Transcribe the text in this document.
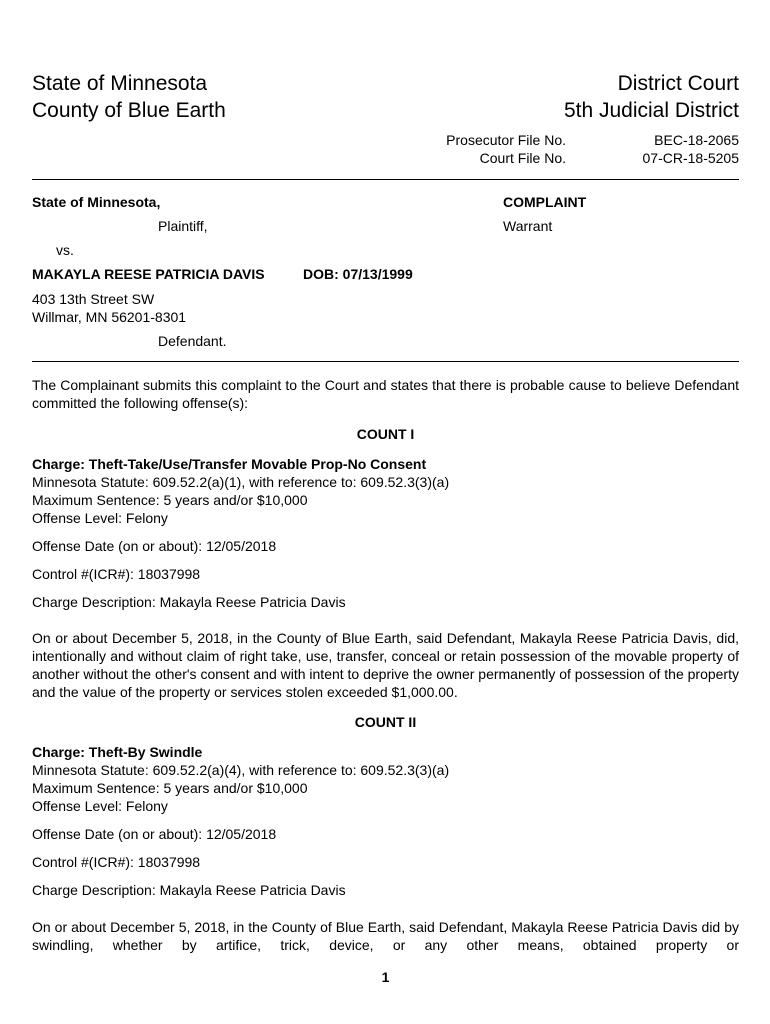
State of Minnesota
County of Blue Earth
District Court
5th Judicial District
Prosecutor File No.	BEC-18-2065
Court File No.	07-CR-18-5205
State of Minnesota,
Plaintiff,
vs.
MAKAYLA REESE PATRICIA DAVIS	DOB: 07/13/1999
403 13th Street SW
Willmar, MN 56201-8301
Defendant.
COMPLAINT
Warrant
The Complainant submits this complaint to the Court and states that there is probable cause to believe Defendant committed the following offense(s):
COUNT I
Charge: Theft-Take/Use/Transfer Movable Prop-No Consent
Minnesota Statute: 609.52.2(a)(1), with reference to: 609.52.3(3)(a)
Maximum Sentence: 5 years and/or $10,000
Offense Level: Felony
Offense Date (on or about): 12/05/2018
Control #(ICR#): 18037998
Charge Description: Makayla Reese Patricia Davis
On or about December 5, 2018, in the County of Blue Earth, said Defendant, Makayla Reese Patricia Davis, did, intentionally and without claim of right take, use, transfer, conceal or retain possession of the movable property of another without the other's consent and with intent to deprive the owner permanently of possession of the property and the value of the property or services stolen exceeded $1,000.00.
COUNT II
Charge: Theft-By Swindle
Minnesota Statute: 609.52.2(a)(4), with reference to: 609.52.3(3)(a)
Maximum Sentence: 5 years and/or $10,000
Offense Level: Felony
Offense Date (on or about): 12/05/2018
Control #(ICR#): 18037998
Charge Description: Makayla Reese Patricia Davis
On or about December 5, 2018, in the County of Blue Earth, said Defendant, Makayla Reese Patricia Davis did by swindling, whether by artifice, trick, device, or any other means, obtained property or
1
